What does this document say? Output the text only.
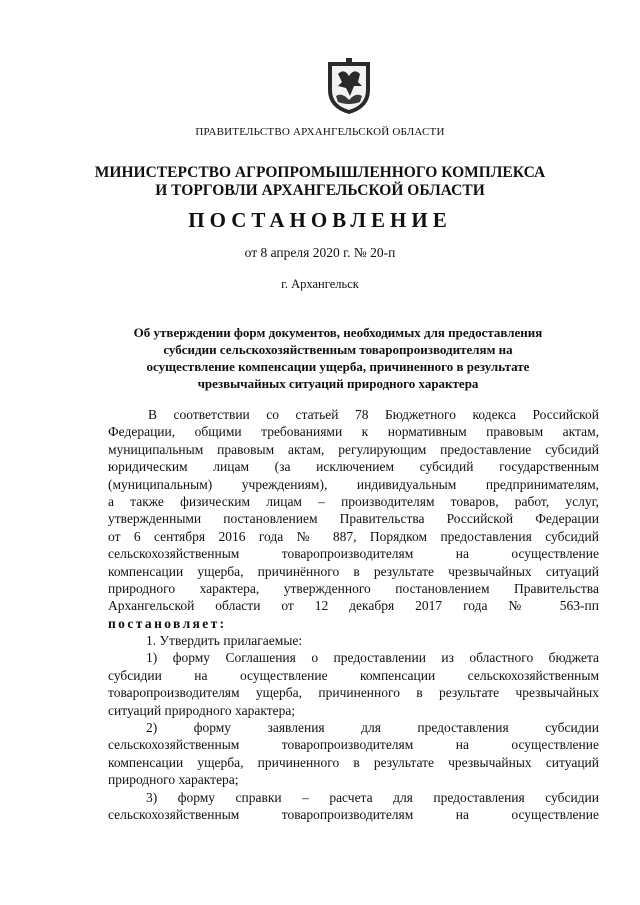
ПРАВИТЕЛЬСТВО АРХАНГЕЛЬСКОЙ ОБЛАСТИ
МИНИСТЕРСТВО АГРОПРОМЫШЛЕННОГО КОМПЛЕКСА
И ТОРГОВЛИ АРХАНГЕЛЬСКОЙ ОБЛАСТИ
ПОСТАНОВЛЕНИЕ
от 8 апреля 2020 г. № 20-п
г. Архангельск
Об утверждении форм документов, необходимых для предоставления
субсидии сельскохозяйственным товаропроизводителям на
осуществление компенсации ущерба, причиненного в результате
чрезвычайных ситуаций природного характера
В соответствии со статьей 78 Бюджетного кодекса Российской
Федерации, общими требованиями к нормативным правовым актам,
муниципальным правовым актам, регулирующим предоставление субсидий
юридическим лицам (за исключением субсидий государственным
(муниципальным) учреждениям), индивидуальным предпринимателям,
а также физическим лицам – производителям товаров, работ, услуг,
утвержденными постановлением Правительства Российской Федерации
от 6 сентября 2016 года № 887, Порядком предоставления субсидий
сельскохозяйственным товаропроизводителям на осуществление
компенсации ущерба, причинённого в результате чрезвычайных ситуаций
природного характера, утвержденного постановлением Правительства
Архангельской области от 12 декабря 2017 года № 563-пп
постановляет:
1. Утвердить прилагаемые:
1) форму Соглашения о предоставлении из областного бюджета
субсидии на осуществление компенсации сельскохозяйственным
товаропроизводителям ущерба, причиненного в результате чрезвычайных
ситуаций природного характера;
2) форму заявления для предоставления субсидии
сельскохозяйственным товаропроизводителям на осуществление
компенсации ущерба, причиненного в результате чрезвычайных ситуаций
природного характера;
3) форму справки – расчета для предоставления субсидии
сельскохозяйственным товаропроизводителям на осуществление
